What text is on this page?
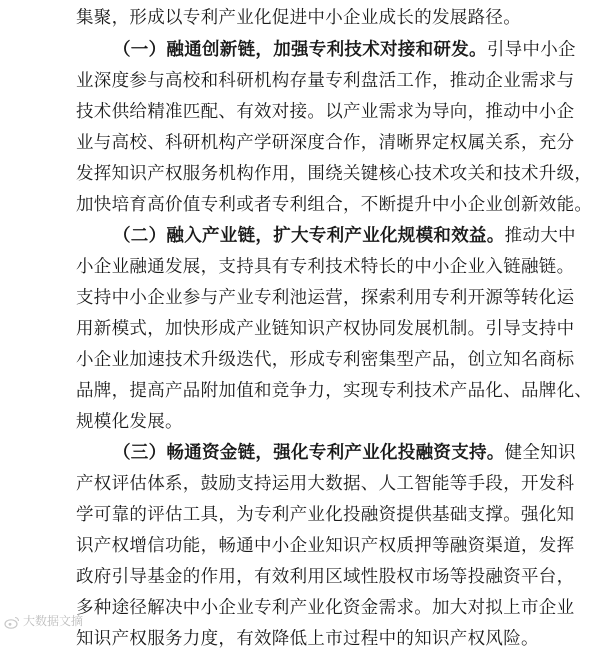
集聚，形成以专利产业化促进中小企业成长的发展路径。
（一）融通创新链，加强专利技术对接和研发。引导中小企
业深度参与高校和科研机构存量专利盘活工作，推动企业需求与
技术供给精准匹配、有效对接。以产业需求为导向，推动中小企
业与高校、科研机构产学研深度合作，清晰界定权属关系，充分
发挥知识产权服务机构作用，围绕关键核心技术攻关和技术升级，
加快培育高价值专利或者专利组合，不断提升中小企业创新效能。
（二）融入产业链，扩大专利产业化规模和效益。推动大中
小企业融通发展，支持具有专利技术特长的中小企业入链融链。
支持中小企业参与产业专利池运营，探索利用专利开源等转化运
用新模式，加快形成产业链知识产权协同发展机制。引导支持中
小企业加速技术升级迭代，形成专利密集型产品，创立知名商标
品牌，提高产品附加值和竞争力，实现专利技术产品化、品牌化、
规模化发展。
（三）畅通资金链，强化专利产业化投融资支持。健全知识
产权评估体系，鼓励支持运用大数据、人工智能等手段，开发科
学可靠的评估工具，为专利产业化投融资提供基础支撑。强化知
识产权增信功能，畅通中小企业知识产权质押等融资渠道，发挥
政府引导基金的作用，有效利用区域性股权市场等投融资平台，
多种途径解决中小企业专利产业化资金需求。加大对拟上市企业
知识产权服务力度，有效降低上市过程中的知识产权风险。
大数据文摘
